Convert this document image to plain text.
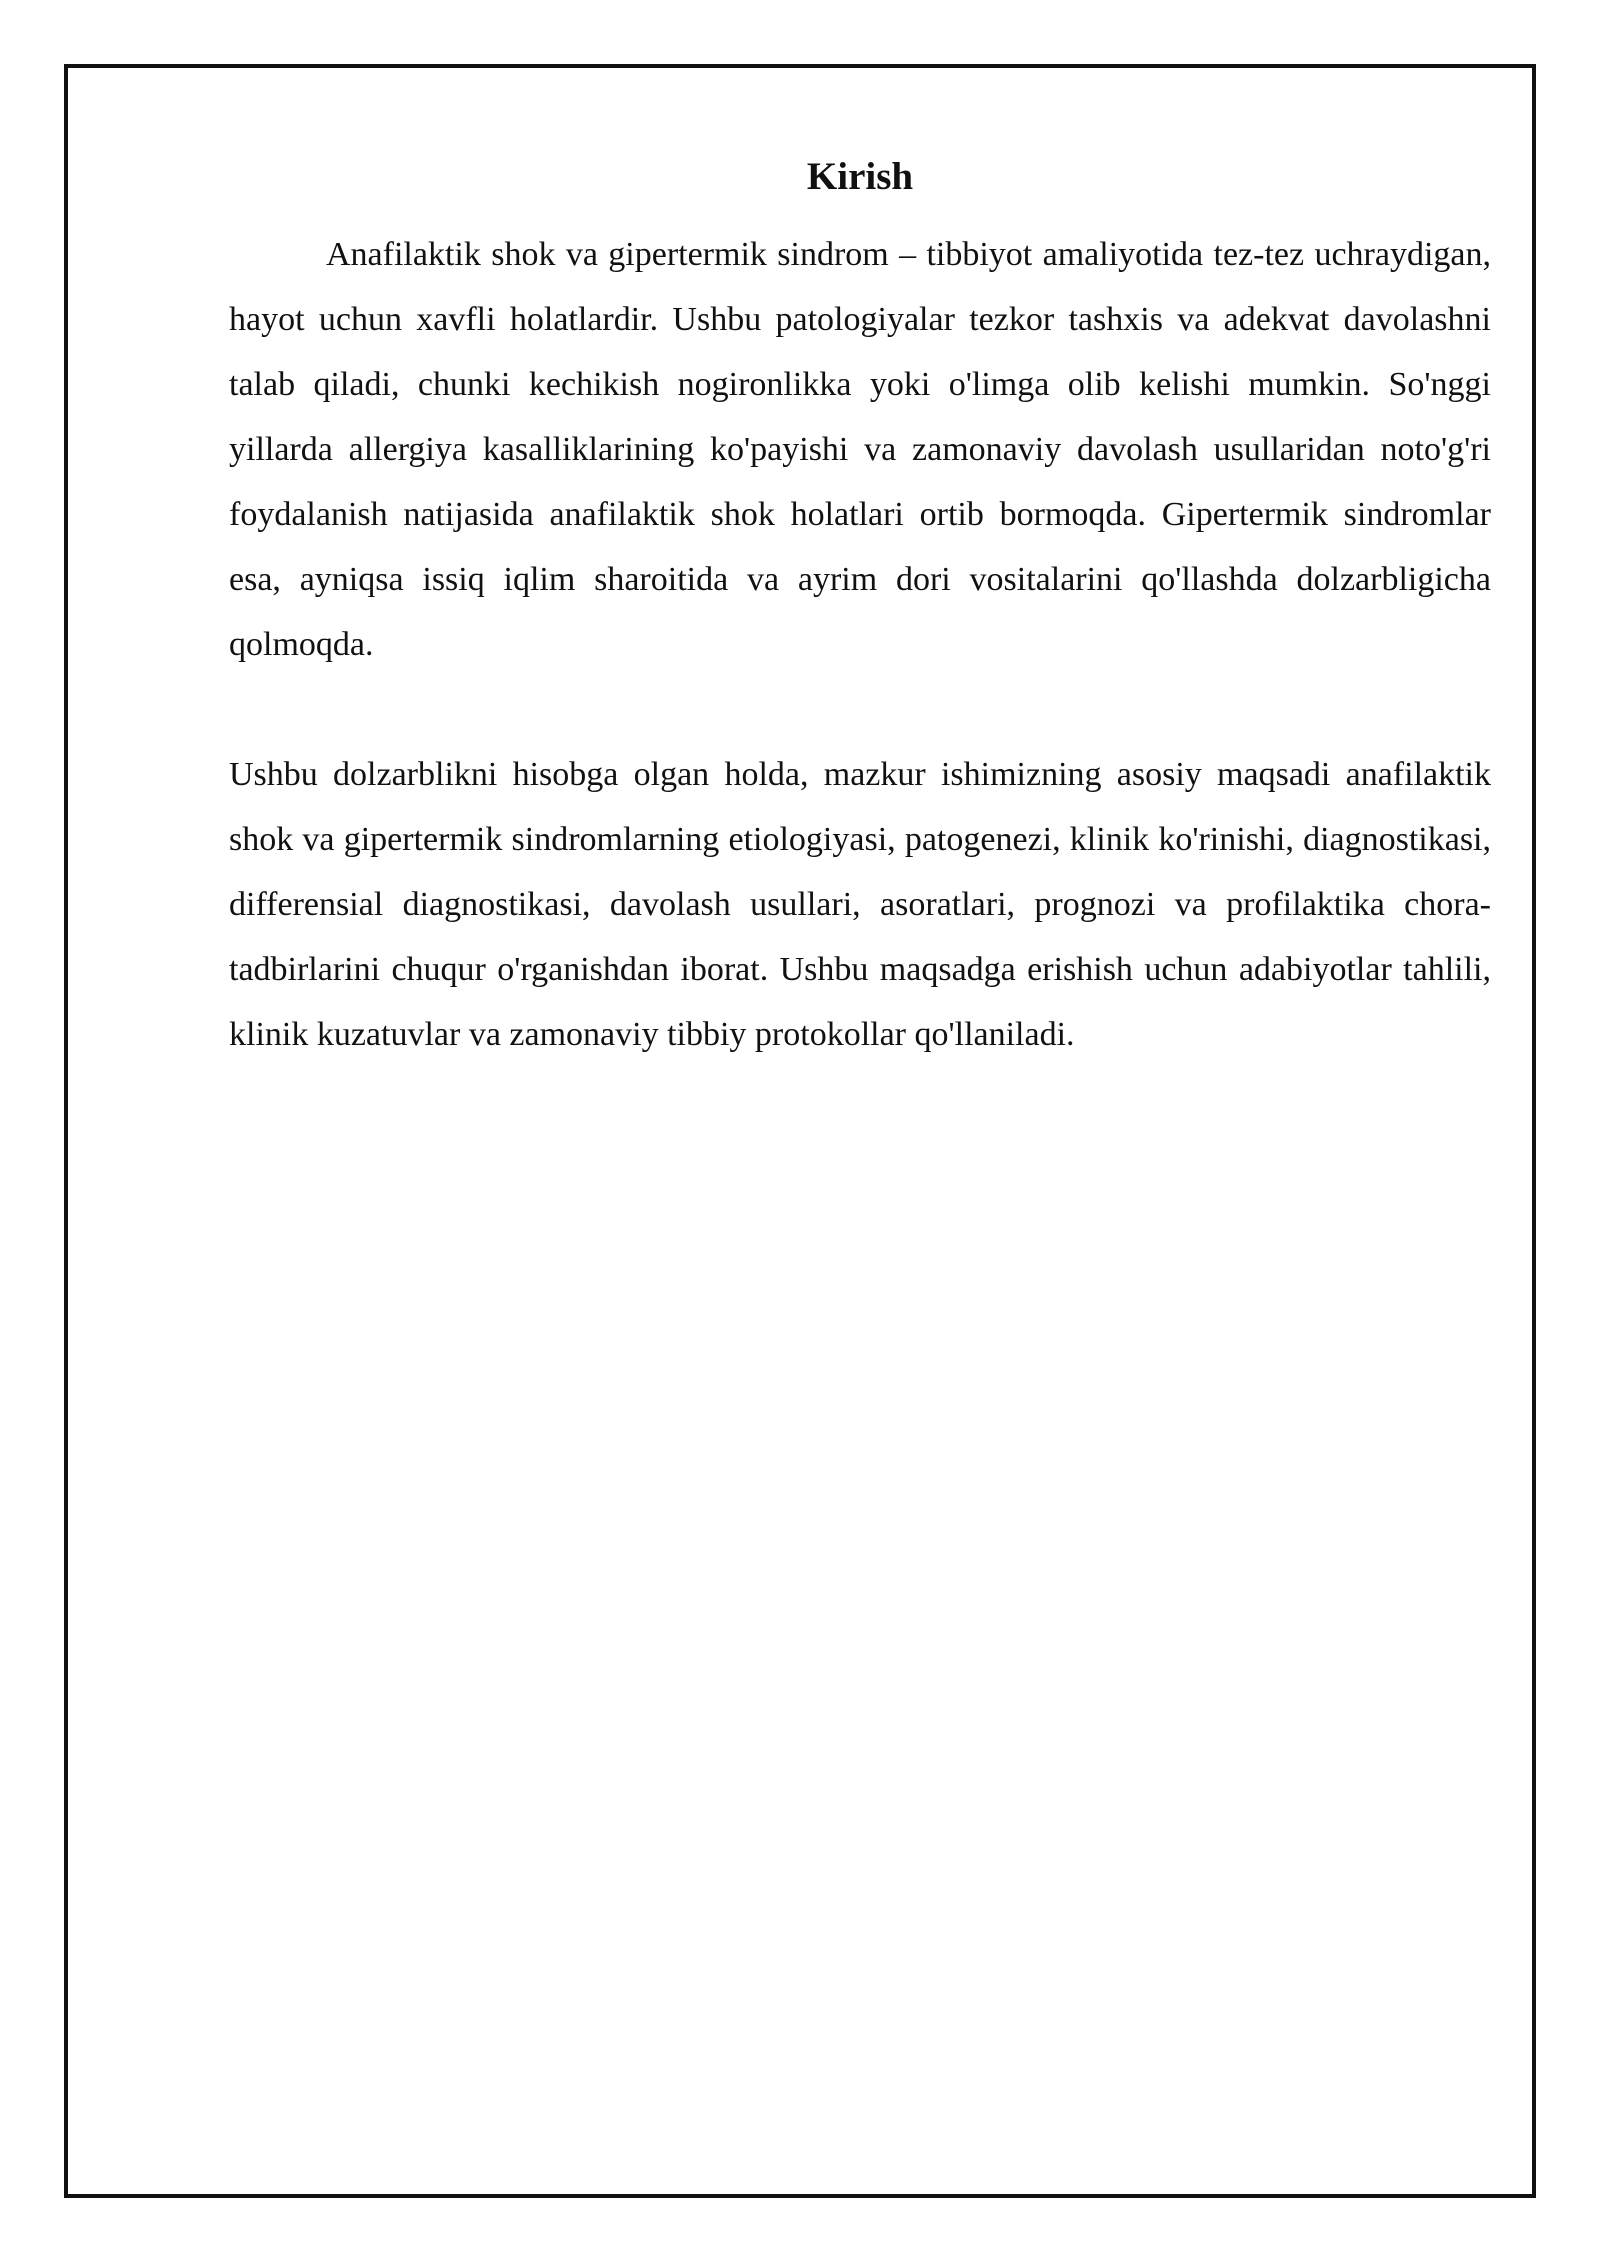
Kirish

Anafilaktik shok va gipertermik sindrom – tibbiyot amaliyotida tez-tez uchraydigan, hayot uchun xavfli holatlardir. Ushbu patologiyalar tezkor tashxis va adekvat davolashni talab qiladi, chunki kechikish nogironlikka yoki o'limga olib kelishi mumkin. So'nggi yillarda allergiya kasalliklarining ko'payishi va zamonaviy davolash usullaridan noto'g'ri foydalanish natijasida anafilaktik shok holatlari ortib bormoqda. Gipertermik sindromlar esa, ayniqsa issiq iqlim sharoitida va ayrim dori vositalarini qo'llashda dolzarbligicha qolmoqda.

Ushbu dolzarblikni hisobga olgan holda, mazkur ishimizning asosiy maqsadi anafilaktik shok va gipertermik sindromlarning etiologiyasi, patogenezi, klinik ko'rinishi, diagnostikasi, differensial diagnostikasi, davolash usullari, asoratlari, prognozi va profilaktika chora-tadbirlarini chuqur o'rganishdan iborat. Ushbu maqsadga erishish uchun adabiyotlar tahlili, klinik kuzatuvlar va zamonaviy tibbiy protokollar qo'llaniladi.
